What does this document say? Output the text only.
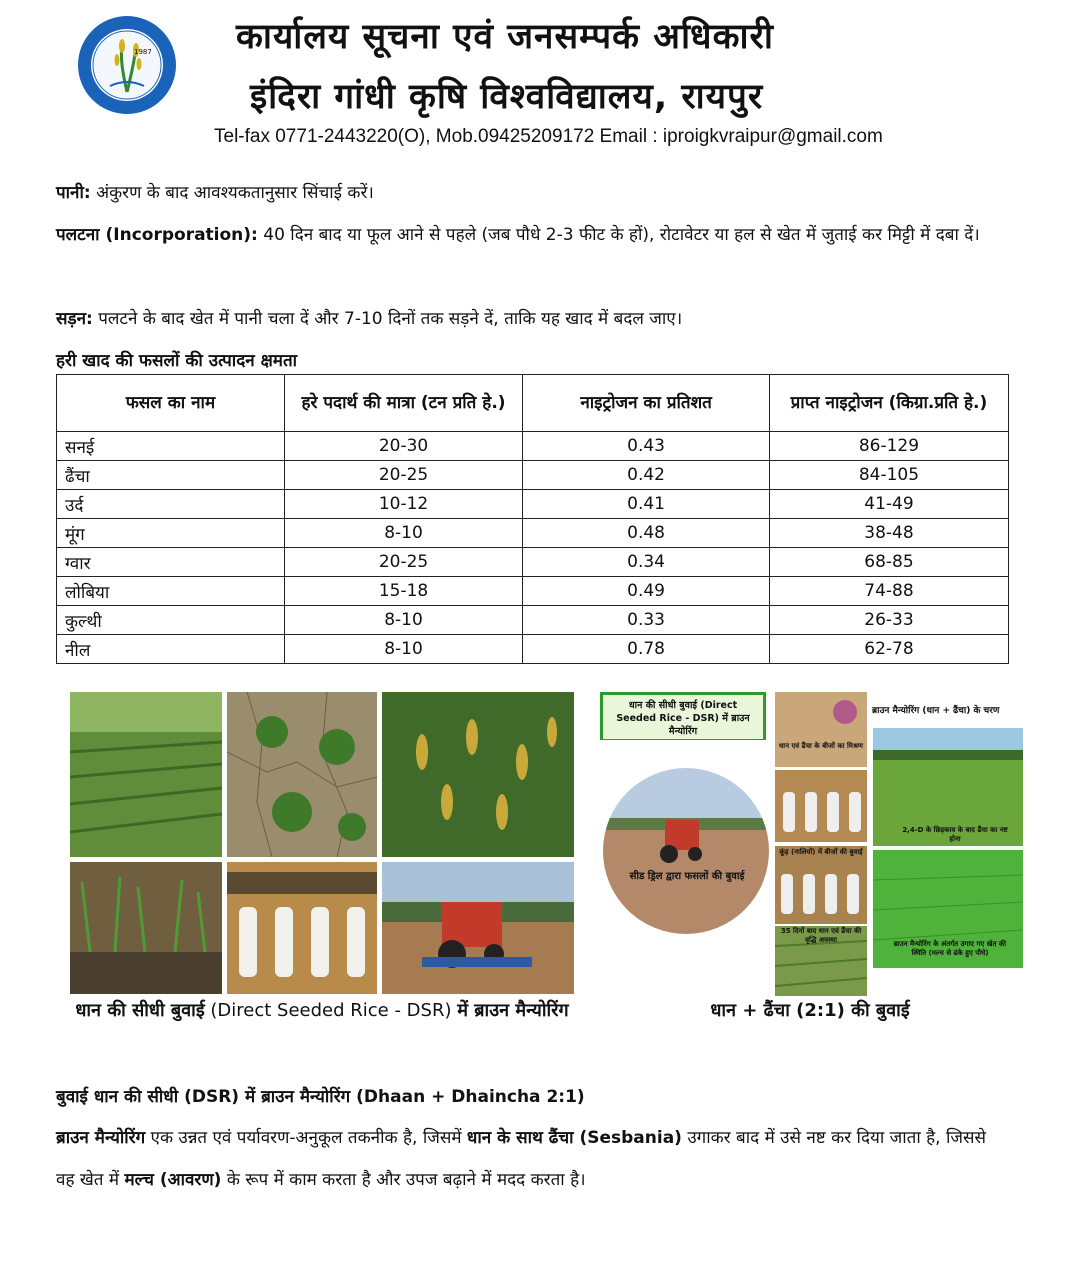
1987 कार्यालय सूचना एवं जनसम्पर्क अधिकारी
इंदिरा गांधी कृषि विश्वविद्यालय, रायपुर
Tel-fax 0771-2443220(O), Mob.09425209172 Email : iproigkvraipur@gmail.com
पानी: अंकुरण के बाद आवश्यकतानुसार सिंचाई करें।
पलटना (Incorporation): 40 दिन बाद या फूल आने से पहले (जब पौधे 2-3 फीट के हों), रोटावेटर या हल से खेत में जुताई कर मिट्टी में दबा दें।
सड़न: पलटने के बाद खेत में पानी चला दें और 7-10 दिनों तक सड़ने दें, ताकि यह खाद में बदल जाए।
हरी खाद की फसलों की उत्पादन क्षमता
फसल का नाम	हरे पदार्थ की मात्रा (टन प्रति हे.)	नाइट्रोजन का प्रतिशत	प्राप्त नाइट्रोजन (किग्रा.प्रति हे.)
सनई	20-30	0.43	86-129
ढैंचा	20-25	0.42	84-105
उर्द	10-12	0.41	41-49
मूंग	8-10	0.48	38-48
ग्वार	20-25	0.34	68-85
लोबिया	15-18	0.49	74-88
कुल्थी	8-10	0.33	26-33
नील	8-10	0.78	62-78
धान की सीधी बुवाई (Direct Seeded Rice - DSR) में ब्राउन मैन्योरिंग
सीड ड्रिल द्वारा फसलों की बुवाई
धान एवं ढैंचा के बीजों का मिश्रण
कूंड़ (नालियों) में बीजों की बुवाई
35 दिनों बाद धान एवं ढैंचा की वृद्धि अवस्था
ब्राउन मैन्योरिंग (धान + ढैंचा) के चरण
2,4-D के छिड़काव के बाद ढैंचा का नष्ट होना
ब्राउन मैन्योरिंग के अंतर्गत उगाए गए खेत की स्थिति (मल्च से ढंके हुए पौधे)
धान की सीधी बुवाई (Direct Seeded Rice - DSR) में ब्राउन मैन्योरिंग	धान + ढैंचा (2:1) की बुवाई
बुवाई धान की सीधी (DSR) में ब्राउन मैन्योरिंग (Dhaan + Dhaincha 2:1)
ब्राउन मैन्योरिंग एक उन्नत एवं पर्यावरण-अनुकूल तकनीक है, जिसमें धान के साथ ढैंचा (Sesbania) उगाकर बाद में उसे नष्ट कर दिया जाता है, जिससे वह खेत में मल्च (आवरण) के रूप में काम करता है और उपज बढ़ाने में मदद करता है।
